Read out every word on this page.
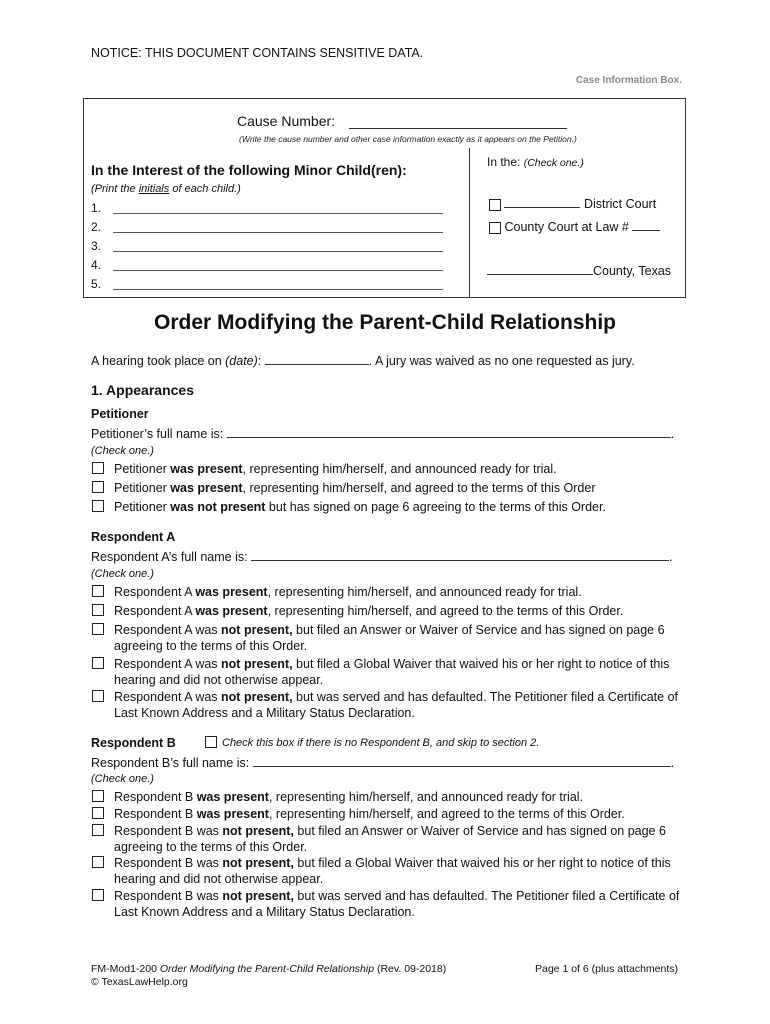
NOTICE: THIS DOCUMENT CONTAINS SENSITIVE DATA.
Case Information Box.
Cause Number:
(Write the cause number and other case information exactly as it appears on the Petition.)
In the Interest of the following Minor Child(ren):
(Print the initials of each child.)
1.
2.
3.
4.
5.
In the: (Check one.)
District Court
County Court at Law #
County, Texas
Order Modifying the Parent-Child Relationship
A hearing took place on (date):	. A jury was waived as no one requested as jury.
1. Appearances
Petitioner
Petitioner’s full name is:	.
(Check one.)
Petitioner was present, representing him/herself, and announced ready for trial.
Petitioner was present, representing him/herself, and agreed to the terms of this Order
Petitioner was not present but has signed on page 6 agreeing to the terms of this Order.
Respondent A
Respondent A’s full name is:	.
(Check one.)
Respondent A was present, representing him/herself, and announced ready for trial.
Respondent A was present, representing him/herself, and agreed to the terms of this Order.
Respondent A was not present, but filed an Answer or Waiver of Service and has signed on page 6 agreeing to the terms of this Order.
Respondent A was not present, but filed a Global Waiver that waived his or her right to notice of this hearing and did not otherwise appear.
Respondent A was not present, but was served and has defaulted. The Petitioner filed a Certificate of Last Known Address and a Military Status Declaration.
Respondent B	Check this box if there is no Respondent B, and skip to section 2.
Respondent B’s full name is:	.
(Check one.)
Respondent B was present, representing him/herself, and announced ready for trial.
Respondent B was present, representing him/herself, and agreed to the terms of this Order.
Respondent B was not present, but filed an Answer or Waiver of Service and has signed on page 6 agreeing to the terms of this Order.
Respondent B was not present, but filed a Global Waiver that waived his or her right to notice of this hearing and did not otherwise appear.
Respondent B was not present, but was served and has defaulted. The Petitioner filed a Certificate of Last Known Address and a Military Status Declaration.
FM-Mod1-200 Order Modifying the Parent-Child Relationship (Rev. 09-2018)
© TexasLawHelp.org
Page 1 of 6 (plus attachments)
